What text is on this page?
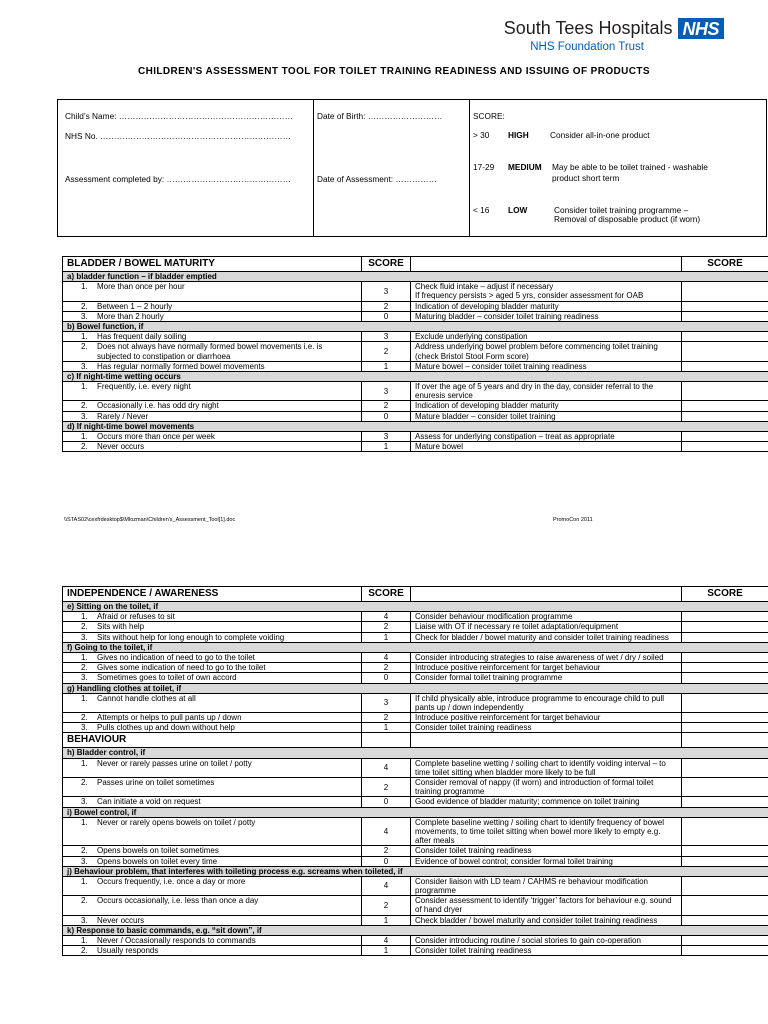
South Tees Hospitals NHS
NHS Foundation Trust
CHILDREN'S ASSESSMENT TOOL FOR TOILET TRAINING READINESS AND ISSUING OF PRODUCTS
Child’s Name: ………………………………………………………
NHS No. ……………………………………………………………
Assessment completed by: ………………………………………
Date of Birth: ………………………
Date of Assessment: ……………
SCORE:
> 30 HIGH	Consider all-in-one product
17-29 MEDIUM May be able to be toilet trained - washable
product short term
< 16 LOW	Consider toilet training programme –
Removal of disposable product (if worn)
BLADDER / BOWEL MATURITY	SCORE		SCORE
a) bladder function – if bladder emptied			

1. More than once per hour	3	Check fluid intake – adjust if necessary
If frequency persists > aged 5 yrs, consider assessment for OAB	

2. Between 1 – 2 hourly	2	Indication of developing bladder maturity	

3. More than 2 hourly	0	Maturing bladder – consider toilet training readiness	
b) Bowel function, if			

1. Has frequent daily soiling	3	Exclude underlying constipation	

2. Does not always have normally formed bowel movements i.e. is subjected to constipation or diarrhoea	2	Address underlying bowel problem before commencing toilet training (check Bristol Stool Form score)	

3. Has regular normally formed bowel movements	1	Mature bowel – consider toilet training readiness	
c) If night-time wetting occurs			

1. Frequently, i.e. every night	3	If over the age of 5 years and dry in the day, consider referral to the enuresis service	

2. Occasionally i.e. has odd dry night	2	Indication of developing bladder maturity	

3. Rarely / Never	0	Mature bladder – consider toilet training	
d) If night-time bowel movements			

1. Occurs more than once per week	3	Assess for underlying constipation – treat as appropriate	

2. Never occurs	1	Mature bowel	
\\STAS02\cexfrdesktop$\Mlozman\Children's_Assessment_Tool[1].doc	PromoCon 2011
INDEPENDENCE / AWARENESS	SCORE		SCORE
e) Sitting on the toilet, if			

1. Afraid or refuses to sit	4	Consider behaviour modification programme	

2. Sits with help	2	Liaise with OT if necessary re toilet adaptation/equipment	

3. Sits without help for long enough to complete voiding	1	Check for bladder / bowel maturity and consider toilet training readiness	
f) Going to the toilet, if			

1. Gives no indication of need to go to the toilet	4	Consider introducing strategies to raise awareness of wet / dry / soiled	

2. Gives some indication of need to go to the toilet	2	Introduce positive reinforcement for target behaviour	

3. Sometimes goes to toilet of own accord	0	Consider formal toilet training programme	
g) Handling clothes at toilet, if			

1. Cannot handle clothes at all	3	If child physically able, introduce programme to encourage child to pull pants up / down independently	

2. Attempts or helps to pull pants up / down	2	Introduce positive reinforcement for target behaviour	

3. Pulls clothes up and down without help	1	Consider toilet training readiness	
BEHAVIOUR			
h) Bladder control, if			

1. Never or rarely passes urine on toilet / potty	4	Complete baseline wetting / soiling chart to identify voiding interval – to time toilet sitting when bladder more likely to be full	

2. Passes urine on toilet sometimes	2	Consider removal of nappy (if worn) and introduction of formal toilet training programme	

3. Can initiate a void on request	0	Good evidence of bladder maturity; commence on toilet training	
i) Bowel control, if			

1. Never or rarely opens bowels on toilet / potty	4	Complete baseline wetting / soiling chart to identify frequency of bowel movements, to time toilet sitting when bowel more likely to empty e.g. after meals	

2. Opens bowels on toilet sometimes	2	Consider toilet training readiness	

3. Opens bowels on toilet every time	0	Evidence of bowel control; consider formal toilet training	
j) Behaviour problem, that interferes with toileting process e.g. screams when toileted, if			

1. Occurs frequently, i.e. once a day or more	4	Consider liaison with LD team / CAHMS re behaviour modification programme	

2. Occurs occasionally, i.e. less than once a day	2	Consider assessment to identify ‘trigger’ factors for behaviour e.g. sound of hand dryer	

3. Never occurs	1	Check bladder / bowel maturity and consider toilet training readiness	
k) Response to basic commands, e.g. “sit down”, if			

1. Never / Occasionally responds to commands	4	Consider introducing routine / social stories to gain co-operation	

2. Usually responds	1	Consider toilet training readiness	
